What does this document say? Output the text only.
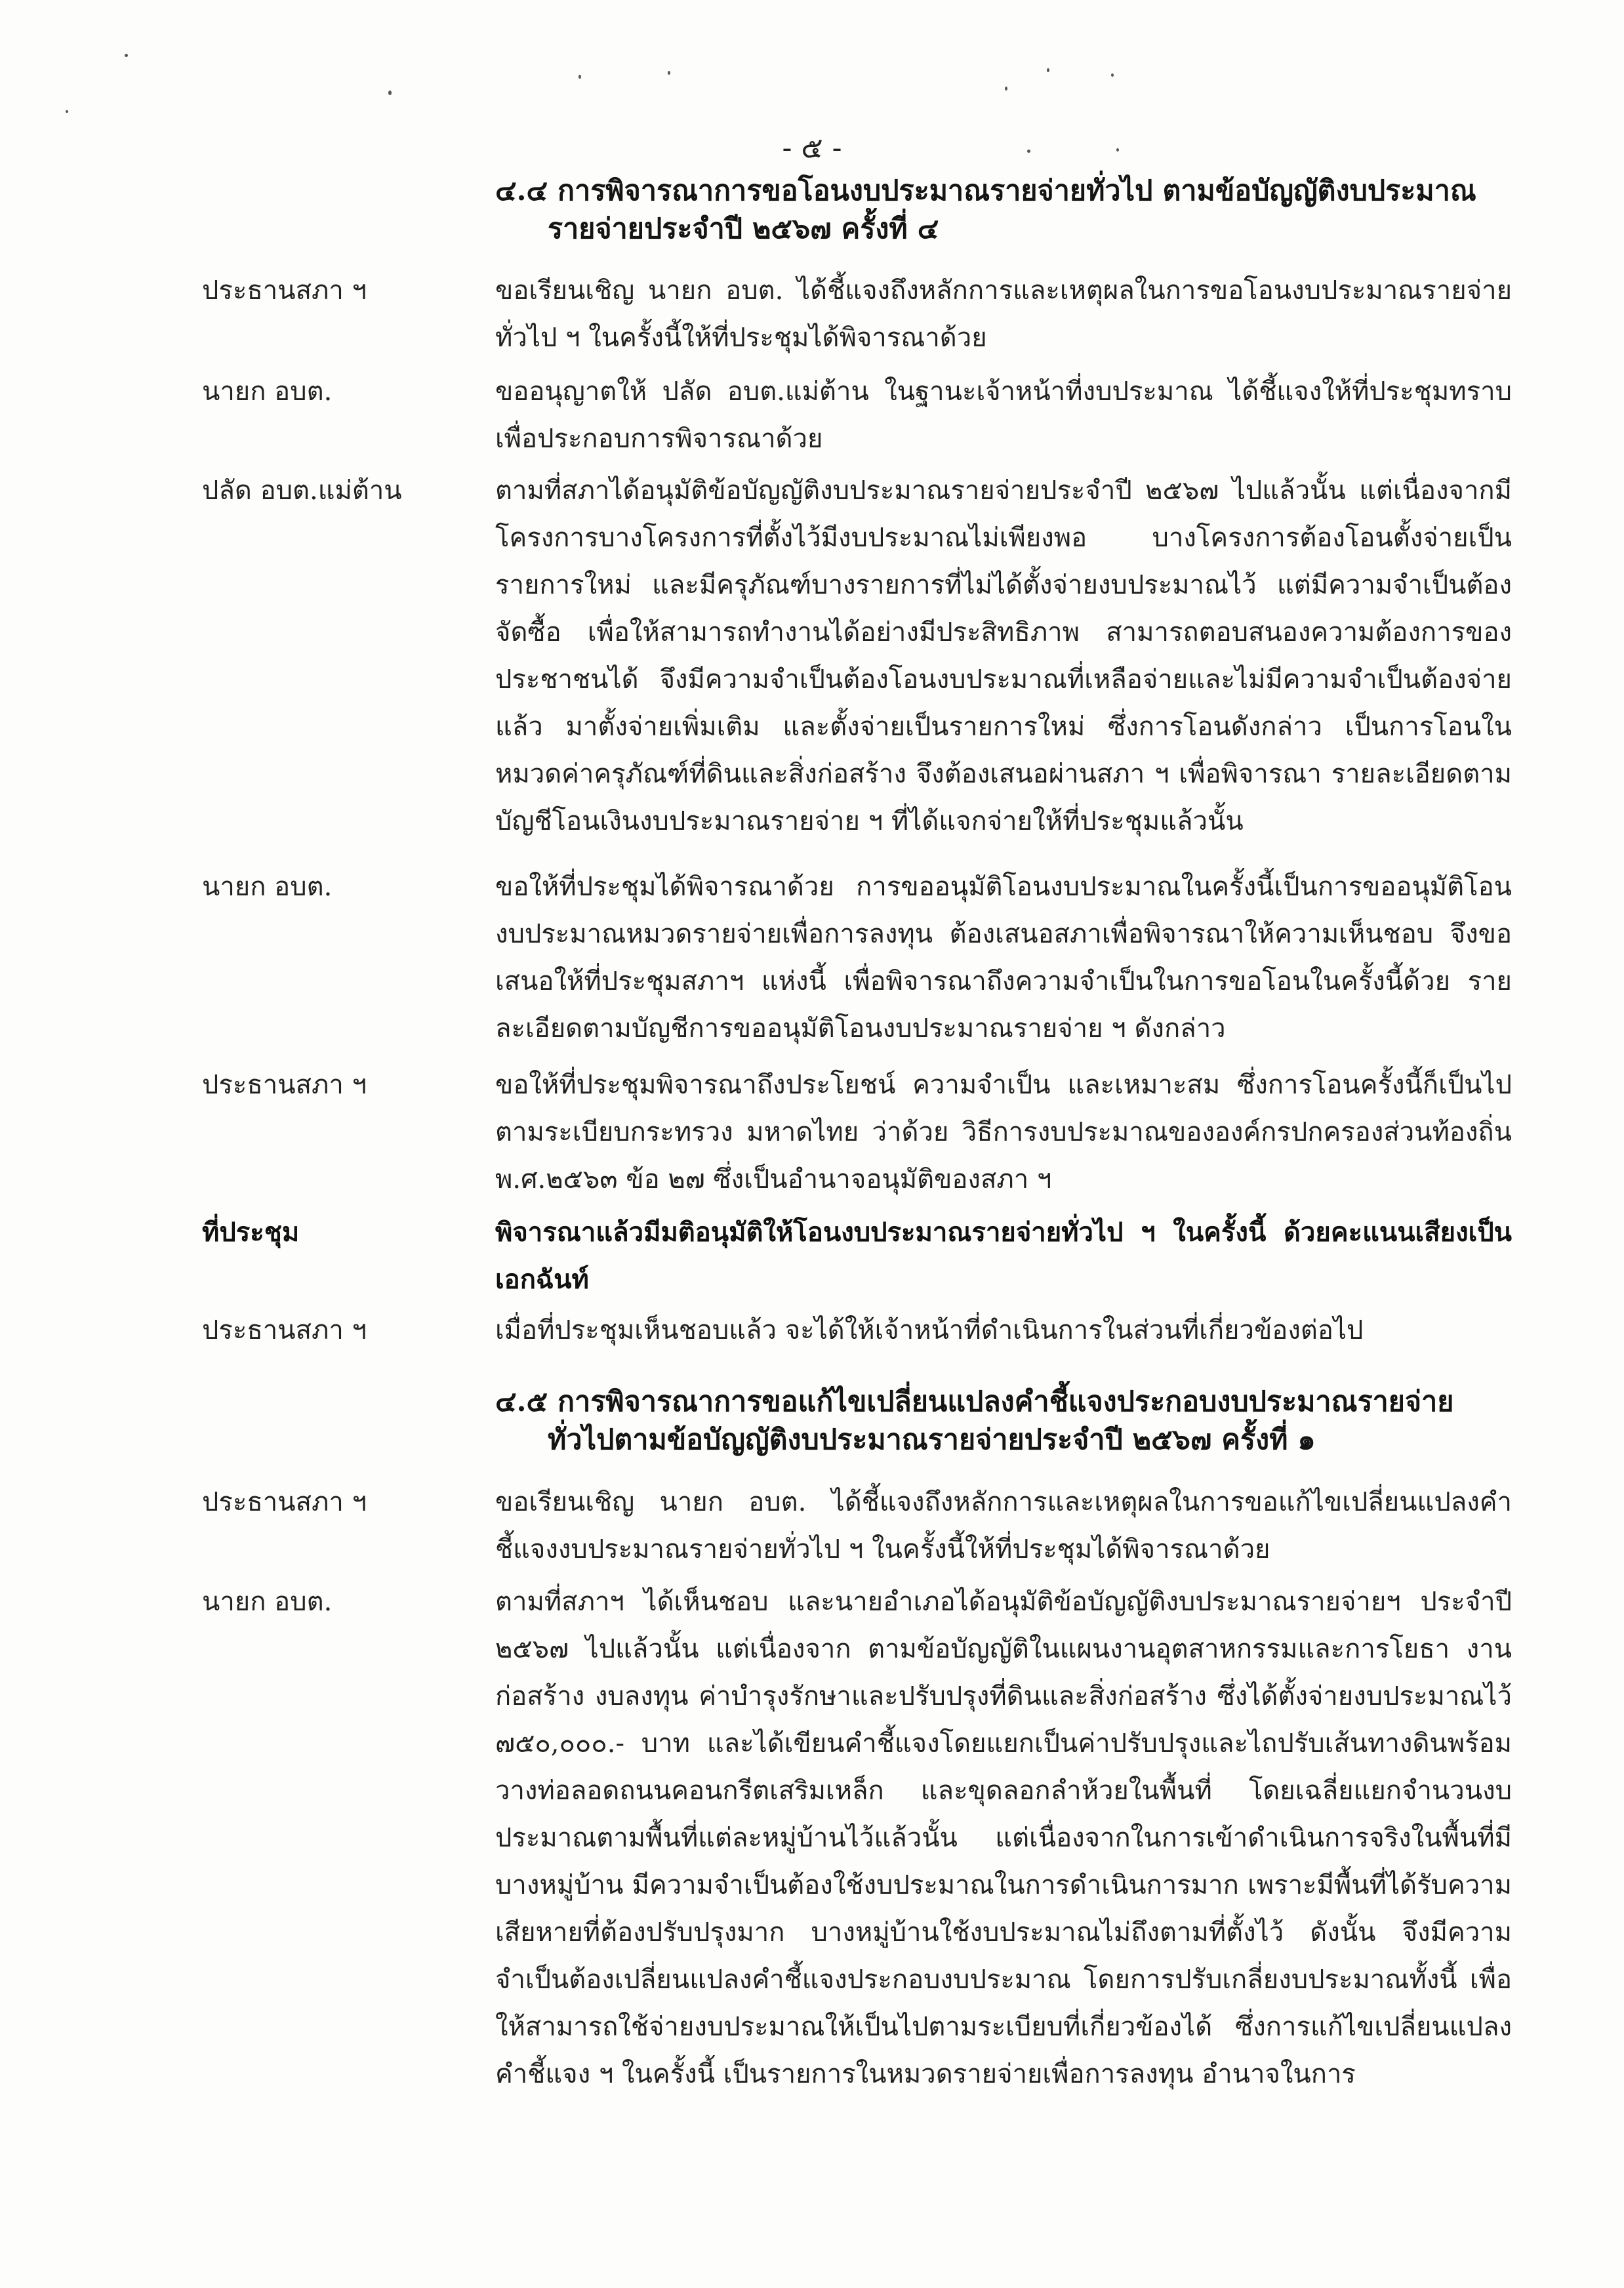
- ๕ -
๔.๔ การพิจารณาการขอโอนงบประมาณรายจ่ายทั่วไป ตามข้อบัญญัติงบประมาณ
รายจ่ายประจำปี ๒๕๖๗ ครั้งที่ ๔
ประธานสภา ฯ	ขอเรียนเชิญ นายก อบต. ได้ชี้แจงถึงหลักการและเหตุผลในการขอโอนงบประมาณรายจ่ายทั่วไป ฯ ในครั้งนี้ให้ที่ประชุมได้พิจารณาด้วย
นายก อบต.	ขออนุญาตให้ ปลัด อบต.แม่ต้าน ในฐานะเจ้าหน้าที่งบประมาณ ได้ชี้แจงให้ที่ประชุมทราบเพื่อประกอบการพิจารณาด้วย
ปลัด อบต.แม่ต้าน	ตามที่สภาได้อนุมัติข้อบัญญัติงบประมาณรายจ่ายประจำปี ๒๕๖๗ ไปแล้วนั้น แต่เนื่องจากมีโครงการบางโครงการที่ตั้งไว้มีงบประมาณไม่เพียงพอ บางโครงการต้องโอนตั้งจ่ายเป็นรายการใหม่ และมีครุภัณฑ์บางรายการที่ไม่ได้ตั้งจ่ายงบประมาณไว้ แต่มีความจำเป็นต้องจัดซื้อ เพื่อให้สามารถทำงานได้อย่างมีประสิทธิภาพ สามารถตอบสนองความต้องการของประชาชนได้ จึงมีความจำเป็นต้องโอนงบประมาณที่เหลือจ่ายและไม่มีความจำเป็นต้องจ่ายแล้ว มาตั้งจ่ายเพิ่มเติม และตั้งจ่ายเป็นรายการใหม่ ซึ่งการโอนดังกล่าว เป็นการโอนในหมวดค่าครุภัณฑ์ที่ดินและสิ่งก่อสร้าง จึงต้องเสนอผ่านสภา ฯ เพื่อพิจารณา รายละเอียดตามบัญชีโอนเงินงบประมาณรายจ่าย ฯ ที่ได้แจกจ่ายให้ที่ประชุมแล้วนั้น
นายก อบต.	ขอให้ที่ประชุมได้พิจารณาด้วย การขออนุมัติโอนงบประมาณในครั้งนี้เป็นการขออนุมัติโอนงบประมาณหมวดรายจ่ายเพื่อการลงทุน ต้องเสนอสภาเพื่อพิจารณาให้ความเห็นชอบ จึงขอเสนอให้ที่ประชุมสภาฯ แห่งนี้ เพื่อพิจารณาถึงความจำเป็นในการขอโอนในครั้งนี้ด้วย รายละเอียดตามบัญชีการขออนุมัติโอนงบประมาณรายจ่าย ฯ ดังกล่าว
ประธานสภา ฯ	ขอให้ที่ประชุมพิจารณาถึงประโยชน์ ความจำเป็น และเหมาะสม ซึ่งการโอนครั้งนี้ก็เป็นไปตามระเบียบกระทรวง มหาดไทย ว่าด้วย วิธีการงบประมาณขององค์กรปกครองส่วนท้องถิ่น พ.ศ.๒๕๖๓ ข้อ ๒๗ ซึ่งเป็นอำนาจอนุมัติของสภา ฯ
ที่ประชุม	พิจารณาแล้วมีมติอนุมัติให้โอนงบประมาณรายจ่ายทั่วไป ฯ ในครั้งนี้ ด้วยคะแนนเสียงเป็นเอกฉันท์
ประธานสภา ฯ	เมื่อที่ประชุมเห็นชอบแล้ว จะได้ให้เจ้าหน้าที่ดำเนินการในส่วนที่เกี่ยวข้องต่อไป
๔.๕ การพิจารณาการขอแก้ไขเปลี่ยนแปลงคำชี้แจงประกอบงบประมาณรายจ่าย
ทั่วไปตามข้อบัญญัติงบประมาณรายจ่ายประจำปี ๒๕๖๗ ครั้งที่ ๑
ประธานสภา ฯ	ขอเรียนเชิญ นายก อบต. ได้ชี้แจงถึงหลักการและเหตุผลในการขอแก้ไขเปลี่ยนแปลงคำชี้แจงงบประมาณรายจ่ายทั่วไป ฯ ในครั้งนี้ให้ที่ประชุมได้พิจารณาด้วย
นายก อบต.	ตามที่สภาฯ ได้เห็นชอบ และนายอำเภอได้อนุมัติข้อบัญญัติงบประมาณรายจ่ายฯ ประจำปี ๒๕๖๗ ไปแล้วนั้น แต่เนื่องจาก ตามข้อบัญญัติในแผนงานอุตสาหกรรมและการโยธา งานก่อสร้าง งบลงทุน ค่าบำรุงรักษาและปรับปรุงที่ดินและสิ่งก่อสร้าง ซึ่งได้ตั้งจ่ายงบประมาณไว้ ๗๕๐,๐๐๐.- บาท และได้เขียนคำชี้แจงโดยแยกเป็นค่าปรับปรุงและไถปรับเส้นทางดินพร้อมวางท่อลอดถนนคอนกรีตเสริมเหล็ก และขุดลอกลำห้วยในพื้นที่ โดยเฉลี่ยแยกจำนวนงบประมาณตามพื้นที่แต่ละหมู่บ้านไว้แล้วนั้น แต่เนื่องจากในการเข้าดำเนินการจริงในพื้นที่มีบางหมู่บ้าน มีความจำเป็นต้องใช้งบประมาณในการดำเนินการมาก เพราะมีพื้นที่ได้รับความเสียหายที่ต้องปรับปรุงมาก บางหมู่บ้านใช้งบประมาณไม่ถึงตามที่ตั้งไว้ ดังนั้น จึงมีความจำเป็นต้องเปลี่ยนแปลงคำชี้แจงประกอบงบประมาณ โดยการปรับเกลี่ยงบประมาณทั้งนี้ เพื่อให้สามารถใช้จ่ายงบประมาณให้เป็นไปตามระเบียบที่เกี่ยวข้องได้ ซึ่งการแก้ไขเปลี่ยนแปลงคำชี้แจง ฯ ในครั้งนี้ เป็นรายการในหมวดรายจ่ายเพื่อการลงทุน อำนาจในการ
